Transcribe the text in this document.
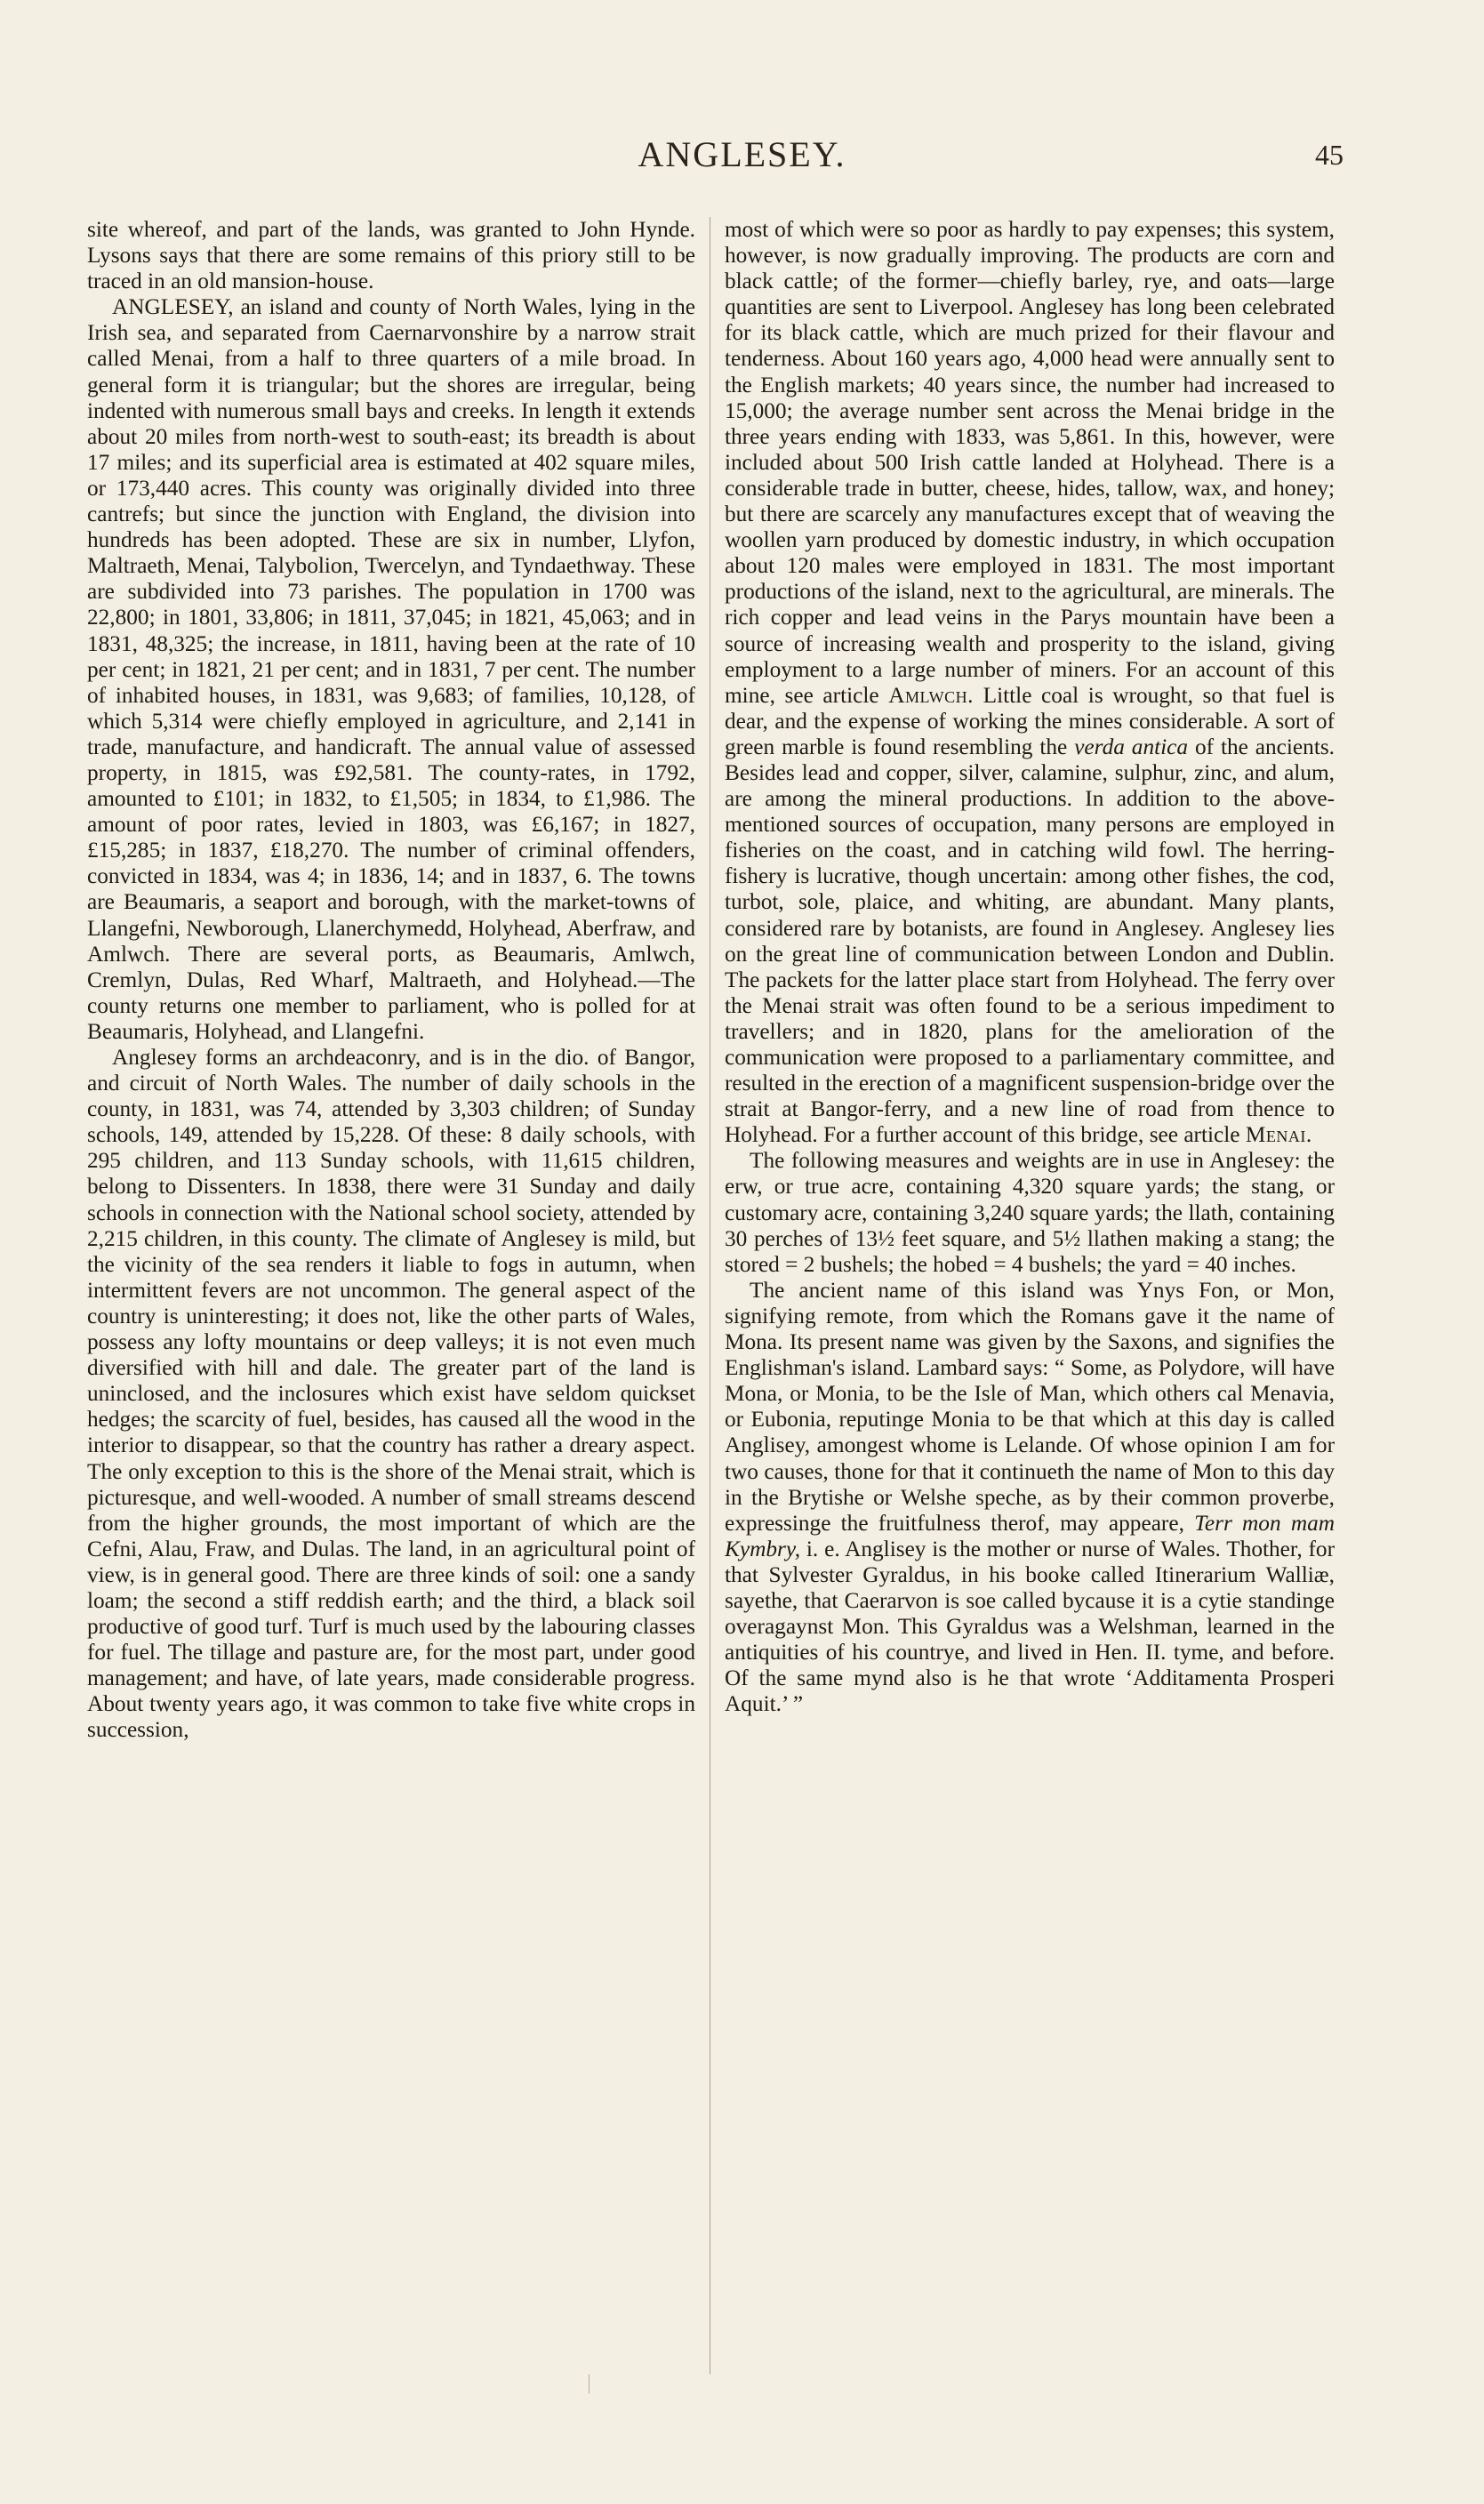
ANGLESEY.	45

site whereof, and part of the lands, was granted to John Hynde. Lysons says that there are some remains of this priory still to be traced in an old mansion-house.

ANGLESEY, an island and county of North Wales, lying in the Irish sea, and separated from Caernarvonshire by a narrow strait called Menai, from a half to three quarters of a mile broad. In general form it is triangular; but the shores are irregular, being indented with numerous small bays and creeks. In length it extends about 20 miles from north-west to south-east; its breadth is about 17 miles; and its superficial area is estimated at 402 square miles, or 173,440 acres. This county was originally divided into three cantrefs; but since the junction with England, the division into hundreds has been adopted. These are six in number, Llyfon, Maltraeth, Menai, Talybolion, Twercelyn, and Tyndaethway. These are subdivided into 73 parishes. The population in 1700 was 22,800; in 1801, 33,806; in 1811, 37,045; in 1821, 45,063; and in 1831, 48,325; the increase, in 1811, having been at the rate of 10 per cent; in 1821, 21 per cent; and in 1831, 7 per cent. The number of inhabited houses, in 1831, was 9,683; of families, 10,128, of which 5,314 were chiefly employed in agriculture, and 2,141 in trade, manufacture, and handicraft. The annual value of assessed property, in 1815, was £92,581. The county-rates, in 1792, amounted to £101; in 1832, to £1,505; in 1834, to £1,986. The amount of poor rates, levied in 1803, was £6,167; in 1827, £15,285; in 1837, £18,270. The number of criminal offenders, convicted in 1834, was 4; in 1836, 14; and in 1837, 6. The towns are Beaumaris, a seaport and borough, with the market-towns of Llangefni, Newborough, Llanerchymedd, Holyhead, Aberfraw, and Amlwch. There are several ports, as Beaumaris, Amlwch, Cremlyn, Dulas, Red Wharf, Maltraeth, and Holyhead.—The county returns one member to parliament, who is polled for at Beaumaris, Holyhead, and Llangefni.

Anglesey forms an archdeaconry, and is in the dio. of Bangor, and circuit of North Wales. The number of daily schools in the county, in 1831, was 74, attended by 3,303 children; of Sunday schools, 149, attended by 15,228. Of these: 8 daily schools, with 295 children, and 113 Sunday schools, with 11,615 children, belong to Dissenters. In 1838, there were 31 Sunday and daily schools in connection with the National school society, attended by 2,215 children, in this county. The climate of Anglesey is mild, but the vicinity of the sea renders it liable to fogs in autumn, when intermittent fevers are not uncommon. The general aspect of the country is uninteresting; it does not, like the other parts of Wales, possess any lofty mountains or deep valleys; it is not even much diversified with hill and dale. The greater part of the land is uninclosed, and the inclosures which exist have seldom quickset hedges; the scarcity of fuel, besides, has caused all the wood in the interior to disappear, so that the country has rather a dreary aspect. The only exception to this is the shore of the Menai strait, which is picturesque, and well-wooded. A number of small streams descend from the higher grounds, the most important of which are the Cefni, Alau, Fraw, and Dulas. The land, in an agricultural point of view, is in general good. There are three kinds of soil: one a sandy loam; the second a stiff reddish earth; and the third, a black soil productive of good turf. Turf is much used by the labouring classes for fuel. The tillage and pasture are, for the most part, under good management; and have, of late years, made considerable progress. About twenty years ago, it was common to take five white crops in succession,

most of which were so poor as hardly to pay expenses; this system, however, is now gradually improving. The products are corn and black cattle; of the former—chiefly barley, rye, and oats—large quantities are sent to Liverpool. Anglesey has long been celebrated for its black cattle, which are much prized for their flavour and tenderness. About 160 years ago, 4,000 head were annually sent to the English markets; 40 years since, the number had increased to 15,000; the average number sent across the Menai bridge in the three years ending with 1833, was 5,861. In this, however, were included about 500 Irish cattle landed at Holyhead. There is a considerable trade in butter, cheese, hides, tallow, wax, and honey; but there are scarcely any manufactures except that of weaving the woollen yarn produced by domestic industry, in which occupation about 120 males were employed in 1831. The most important productions of the island, next to the agricultural, are minerals. The rich copper and lead veins in the Parys mountain have been a source of increasing wealth and prosperity to the island, giving employment to a large number of miners. For an account of this mine, see article Amlwch. Little coal is wrought, so that fuel is dear, and the expense of working the mines considerable. A sort of green marble is found resembling the verda antica of the ancients. Besides lead and copper, silver, calamine, sulphur, zinc, and alum, are among the mineral productions. In addition to the above-mentioned sources of occupation, many persons are employed in fisheries on the coast, and in catching wild fowl. The herring-fishery is lucrative, though uncertain: among other fishes, the cod, turbot, sole, plaice, and whiting, are abundant. Many plants, considered rare by botanists, are found in Anglesey. Anglesey lies on the great line of communication between London and Dublin. The packets for the latter place start from Holyhead. The ferry over the Menai strait was often found to be a serious impediment to travellers; and in 1820, plans for the amelioration of the communication were proposed to a parliamentary committee, and resulted in the erection of a magnificent suspension-bridge over the strait at Bangor-ferry, and a new line of road from thence to Holyhead. For a further account of this bridge, see article Menai.

The following measures and weights are in use in Anglesey: the erw, or true acre, containing 4,320 square yards; the stang, or customary acre, containing 3,240 square yards; the llath, containing 30 perches of 13½ feet square, and 5½ llathen making a stang; the stored = 2 bushels; the hobed = 4 bushels; the yard = 40 inches.

The ancient name of this island was Ynys Fon, or Mon, signifying remote, from which the Romans gave it the name of Mona. Its present name was given by the Saxons, and signifies the Englishman's island. Lambard says: “ Some, as Polydore, will have Mona, or Monia, to be the Isle of Man, which others cal Menavia, or Eubonia, reputinge Monia to be that which at this day is called Anglisey, amongest whome is Lelande. Of whose opinion I am for two causes, thone for that it continueth the name of Mon to this day in the Brytishe or Welshe speche, as by their common proverbe, expressinge the fruitfulness therof, may appeare, Terr mon mam Kymbry, i. e. Anglisey is the mother or nurse of Wales. Thother, for that Sylvester Gyraldus, in his booke called Itinerarium Walliæ, sayethe, that Caerarvon is soe called bycause it is a cytie standinge overagaynst Mon. This Gyraldus was a Welshman, learned in the antiquities of his countrye, and lived in Hen. II. tyme, and before. Of the same mynd also is he that wrote ‘Additamenta Prosperi Aquit.’ ”
